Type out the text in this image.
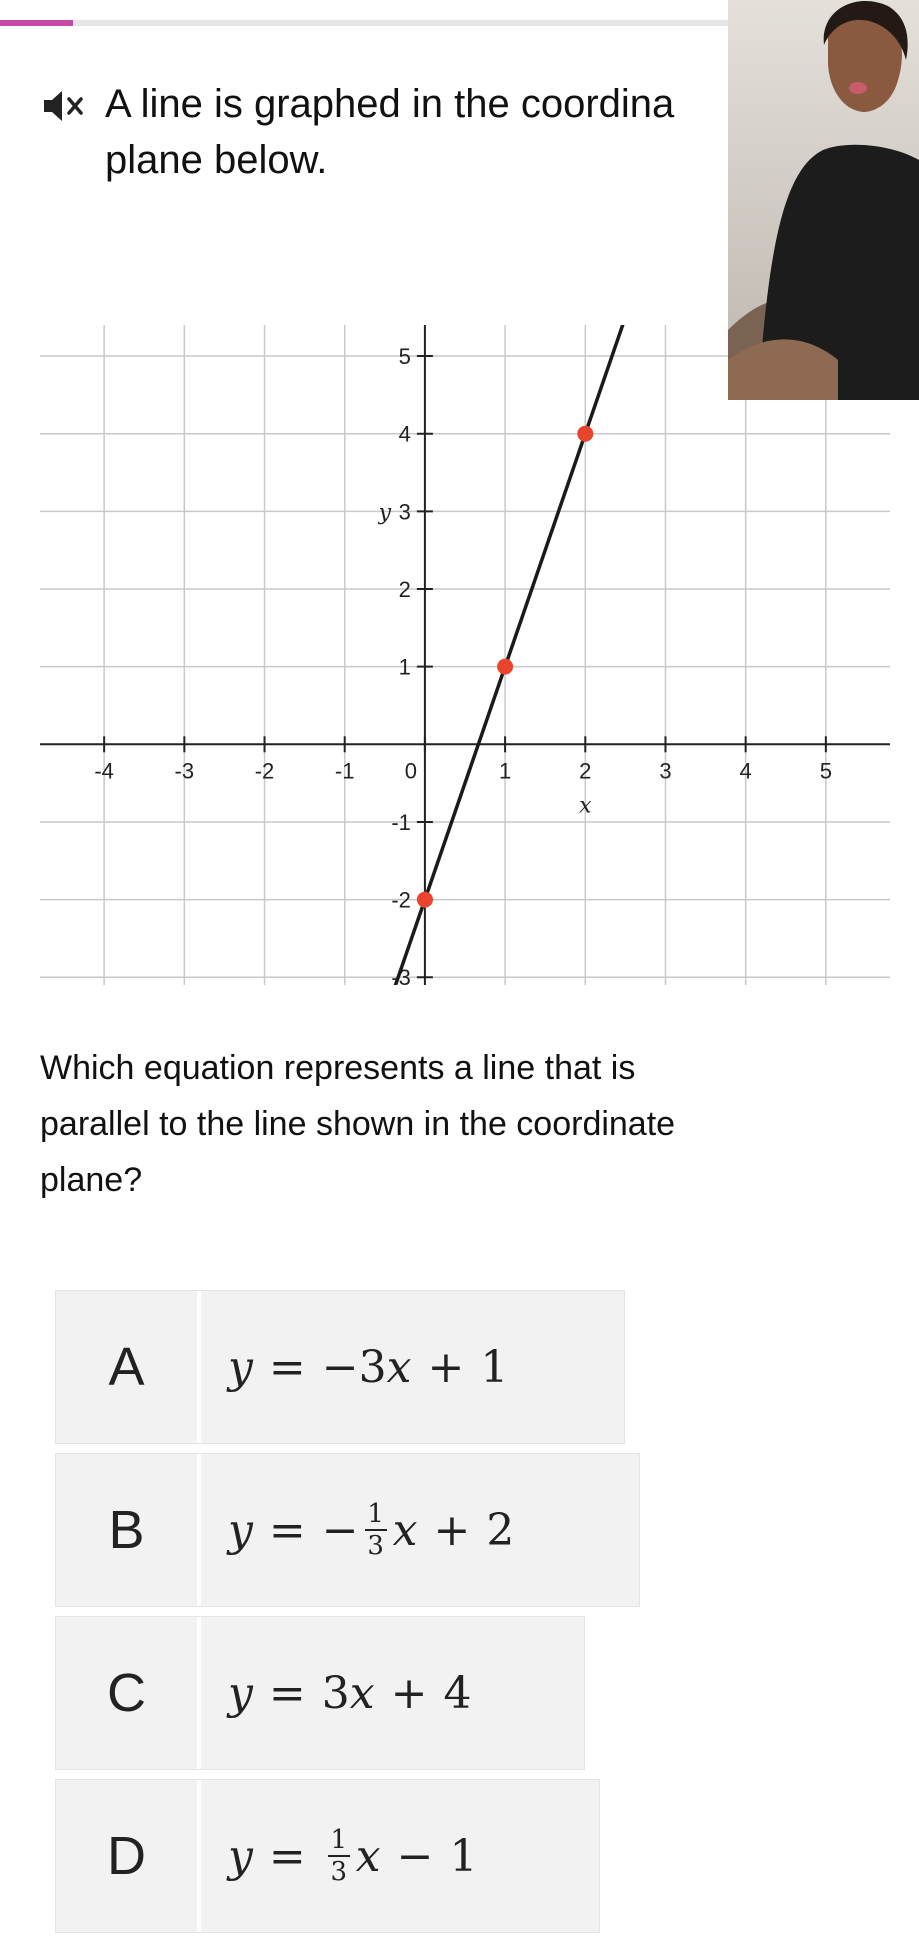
A line is graphed in the coordina
plane below.
-4	-3	-2	-1 0	1	2	3	4	5
-3
-2
-1
1
2
3
4
5
x
y
Which equation represents a line that is
parallel to the line shown in the coordinate
plane?
A	y = − 3 x + 1
B	y = − $\frac{1}{3}$ x + 2
C	y = 3 x + 4
D	$y = \frac{1}{3}$ x − 1
